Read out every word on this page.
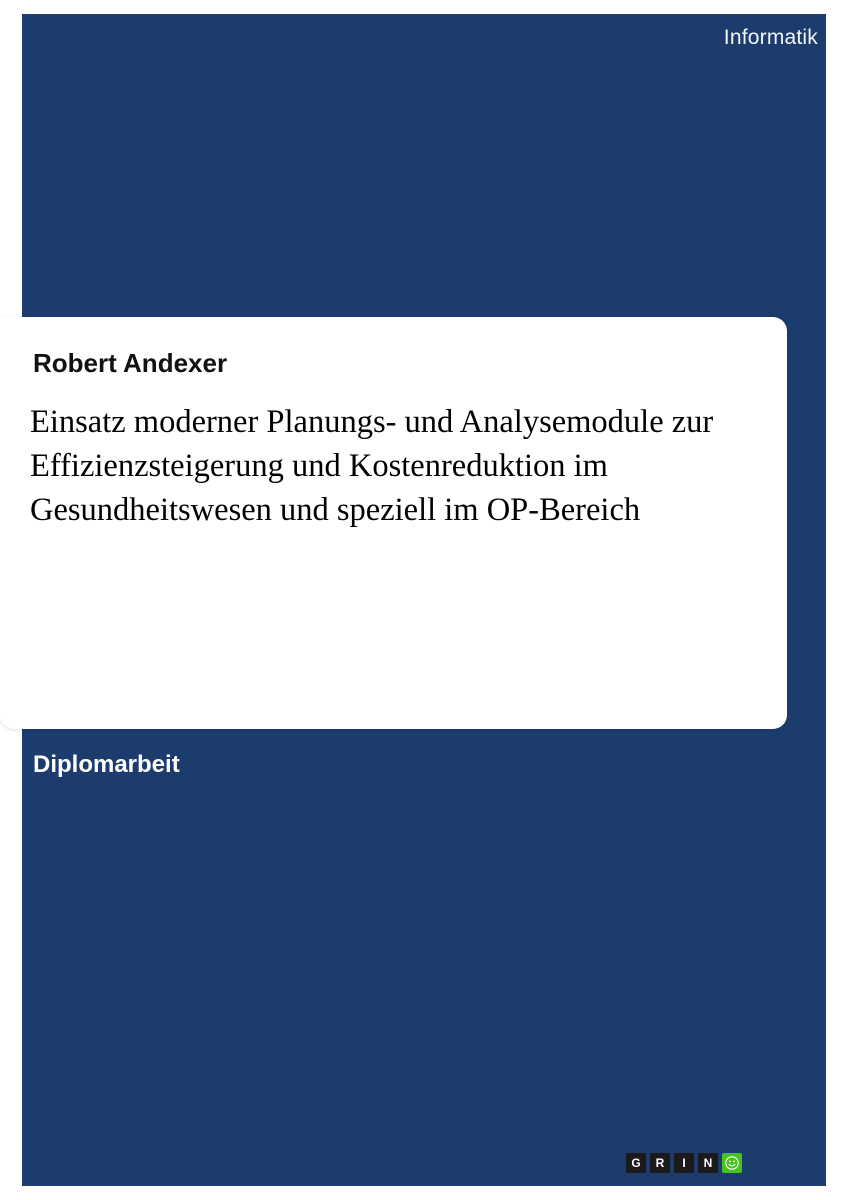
Informatik
Robert Andexer
Einsatz moderner Planungs- und Analysemodule zur Effizienzsteigerung und Kostenreduktion im Gesundheitswesen und speziell im OP-Bereich
Diplomarbeit
G	R	I	N
